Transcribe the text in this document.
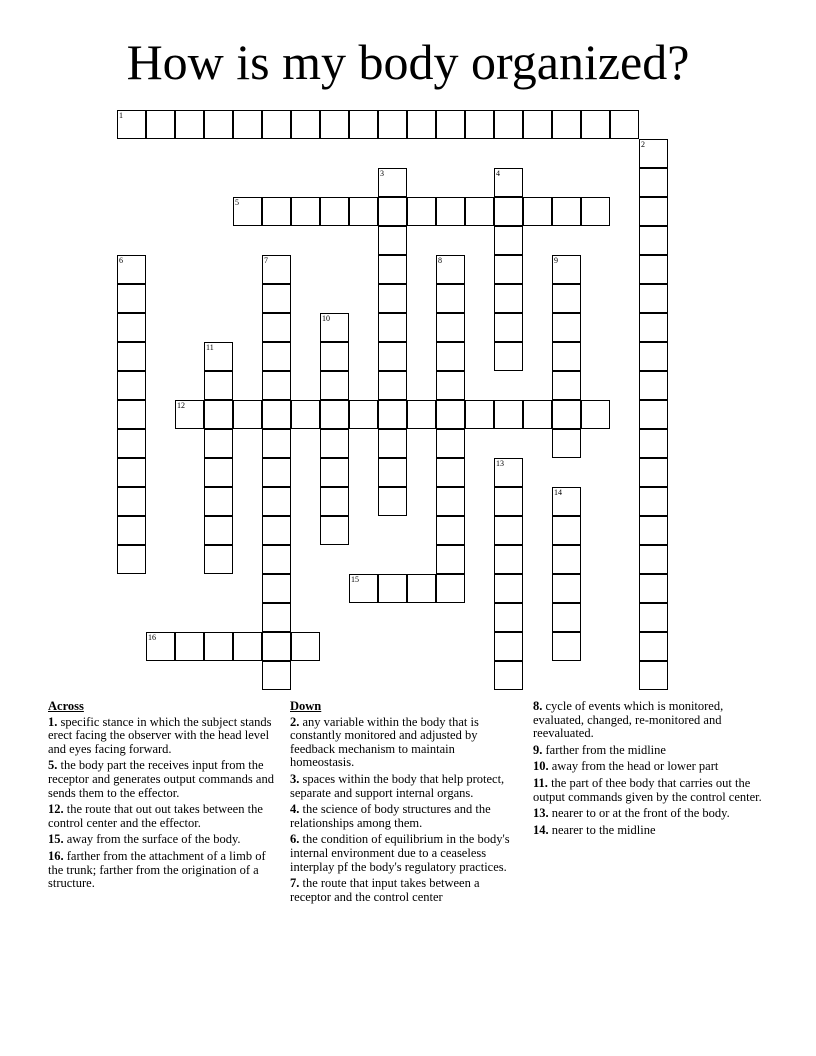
How is my body organized?
1
2
3	4
5
6	7	8	9
10
11
12
13
14
15
16
Across
1. specific stance in which the subject stands erect facing the observer with the head level and eyes facing forward.
5. the body part the receives input from the receptor and generates output commands and sends them to the effector.
12. the route that out out takes between the control center and the effector.
15. away from the surface of the body.
16. farther from the attachment of a limb of the trunk; farther from the origination of a structure.
Down
2. any variable within the body that is constantly monitored and adjusted by feedback mechanism to maintain homeostasis.
3. spaces within the body that help protect, separate and support internal organs.
4. the science of body structures and the relationships among them.
6. the condition of equilibrium in the body's internal environment due to a ceaseless interplay pf the body's regulatory practices.
7. the route that input takes between a receptor and the control center
8. cycle of events which is monitored, evaluated, changed, re-monitored and reevaluated.
9. farther from the midline
10. away from the head or lower part
11. the part of thee body that carries out the output commands given by the control center.
13. nearer to or at the front of the body.
14. nearer to the midline
